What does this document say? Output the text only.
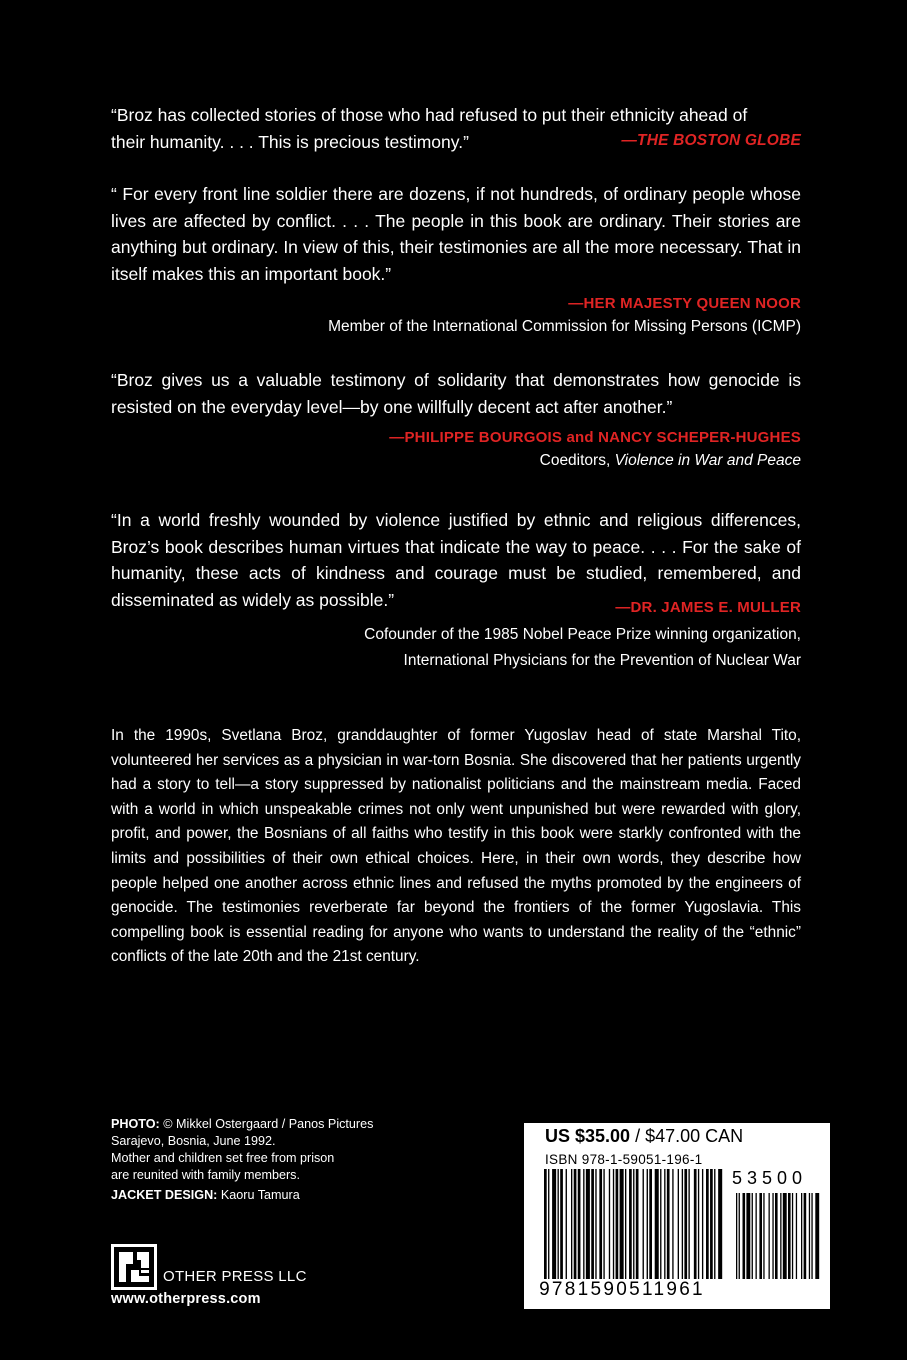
“Broz has collected stories of those who had refused to put their ethnicity ahead of

their humanity. . . . This is precious testimony.”	—THE BOSTON GLOBE

“ For every front line soldier there are dozens, if not hundreds, of ordinary people whose lives are affected by conflict. . . . The people in this book are ordinary. Their stories are anything but ordinary. In view of this, their testimonies are all the more necessary. That in itself makes this an important book.”

—HER MAJESTY QUEEN NOOR
Member of the International Commission for Missing Persons (ICMP)

“Broz gives us a valuable testimony of solidarity that demonstrates how genocide is resisted on the everyday level—by one willfully decent act after another.”

—PHILIPPE BOURGOIS and NANCY SCHEPER-HUGHES
Coeditors, Violence in War and Peace

“In a world freshly wounded by violence justified by ethnic and religious differences, Broz’s book describes human virtues that indicate the way to peace. . . . For the sake of humanity, these acts of kindness and courage must be studied, remembered, and disseminated as widely as possible.”	—DR. JAMES E. MULLER
Cofounder of the 1985 Nobel Peace Prize winning organization,
International Physicians for the Prevention of Nuclear War

In the 1990s, Svetlana Broz, granddaughter of former Yugoslav head of state Marshal Tito, volunteered her services as a physician in war-torn Bosnia. She discovered that her patients urgently had a story to tell—a story suppressed by nationalist politicians and the mainstream media. Faced with a world in which unspeakable crimes not only went unpunished but were rewarded with glory, profit, and power, the Bosnians of all faiths who testify in this book were starkly confronted with the limits and possibilities of their own ethical choices. Here, in their own words, they describe how people helped one another across ethnic lines and refused the myths promoted by the engineers of genocide. The testimonies reverberate far beyond the frontiers of the former Yugoslavia. This compelling book is essential reading for anyone who wants to understand the reality of the “ethnic” conflicts of the late 20th and the 21st century.

PHOTO: © Mikkel Ostergaard / Panos Pictures
Sarajevo, Bosnia, June 1992.
Mother and children set free from prison
are reunited with family members.
JACKET DESIGN: Kaoru Tamura
OTHER PRESS LLC
www.otherpress.com
US $35.00 / $47.00 CAN
ISBN 978-1-59051-196-1
53500
9781590511961
